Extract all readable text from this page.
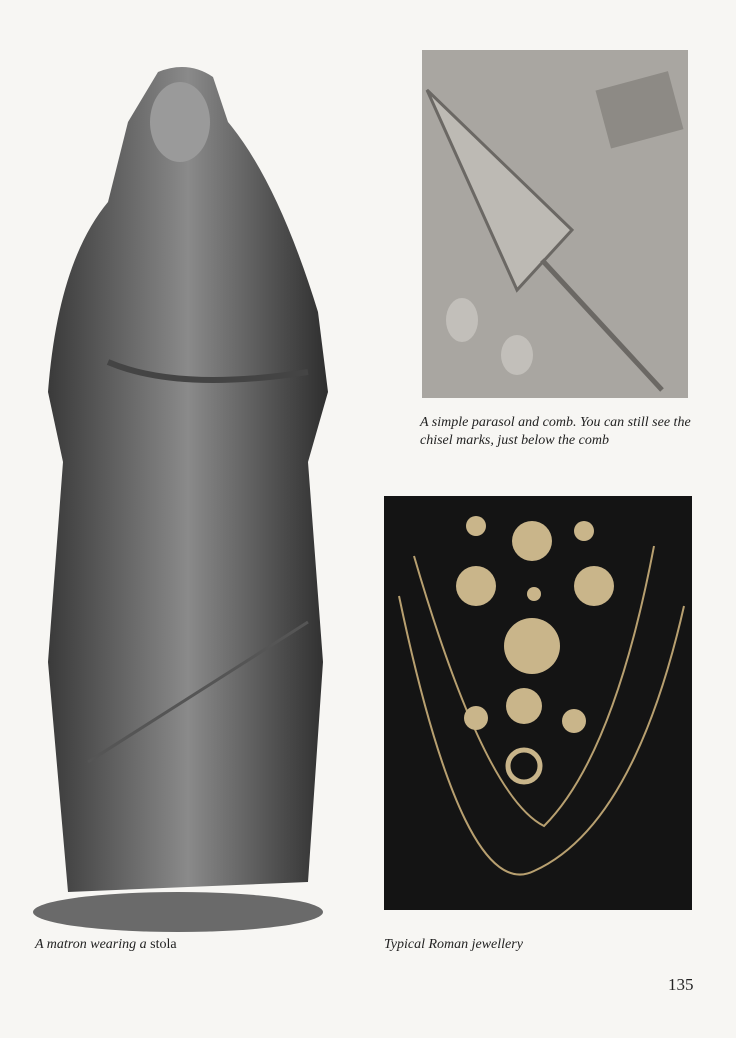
A simple parasol and comb. You can still see the chisel marks, just below the comb
A matron wearing a stola	Typical Roman jewellery
135
